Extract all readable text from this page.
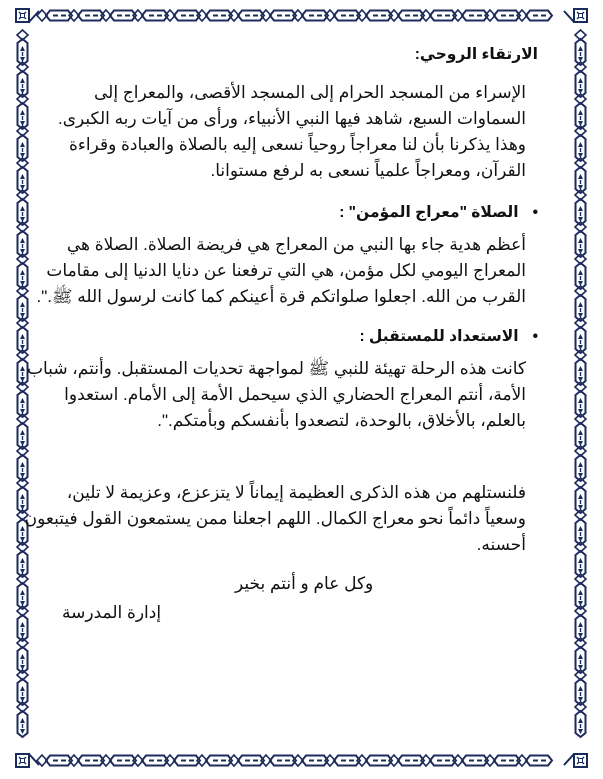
الارتقاء الروحي:
الإسراء من المسجد الحرام إلى المسجد الأقصى، والمعراج إلى
السماوات السبع، شاهد فيها النبي الأنبياء، ورأى من آيات ربه الكبرى.
وهذا يذكرنا بأن لنا معراجاً روحياً نسعى إليه بالصلاة والعبادة وقراءة
القرآن، ومعراجاً علمياً نسعى به لرفع مستوانا.
•الصلاة "معراج المؤمن" :
أعظم هدية جاء بها النبي من المعراج هي فريضة الصلاة. الصلاة هي
المعراج اليومي لكل مؤمن، هي التي ترفعنا عن دنايا الدنيا إلى مقامات
القرب من الله. اجعلوا صلواتكم قرة أعينكم كما كانت لرسول الله ﷺ.".
•الاستعداد للمستقبل :
كانت هذه الرحلة تهيئة للنبي ﷺ لمواجهة تحديات المستقبل. وأنتم، شباب
الأمة، أنتم المعراج الحضاري الذي سيحمل الأمة إلى الأمام. استعدوا
بالعلم، بالأخلاق، بالوحدة، لتصعدوا بأنفسكم وبأمتكم.".
فلنستلهم من هذه الذكرى العظيمة إيماناً لا يتزعزع، وعزيمة لا تلين،
وسعياً دائماً نحو معراج الكمال. اللهم اجعلنا ممن يستمعون القول فيتبعون
أحسنه.
وكل عام و أنتم بخير
إدارة المدرسة
